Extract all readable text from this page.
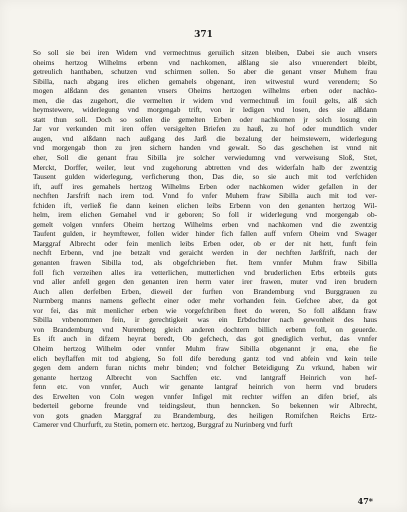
371
So soll sie bei iren Widem vnd vermechtnus geruilich sitzen bleiben, Dabei sie auch vnsers
oheims hertzog Wilhelms erbenn vnd nachkomen, alßlang sie also vnuerendert bleibt,
getreulich hanthaben, schutzen vnd schirmen sollen. So aber die genant vnser Muhem frau
Sibilla, nach abgang ires elichen gemahels obgenant, iren witwestul wurd verendern; So
mogen alßdann des genanten vnsers Oheims hertzogen wilhelms erben oder nachko-
men, die das zugehort, die vermelten ir widem vnd vermechtnuß im fouil gelts, alß sich
heymstewere, widerlegung vnd morgengab trift, von ir ledigen vnd losen, des sie alßdann
statt thun soll. Doch so sollen die gemelten Erben oder nachkomen jr solch losung ein
Jar vor verkunden mit iren offen versigelten Briefen zu hauß, zu hof oder mundtlich vnder
augen, vnd alßdann nach außgang des Jarß die bezalung der heimstewern, widerlegung
vnd morgengab thon zu jren sichern handen vnd gewalt. So das geschehen ist vnnd nit
eher, Soll die genant frau Sibilla jre solcher verwiedumng vnd verweisung Sloß, Stet,
Merckt, Dorffer, weiler, leut vnd zugehorung abtretten vnd des widerfaln halb der zwentzig
Tausent gulden widerlegung, verficherung thon, Das die, so sie auch mit tod verfchiden
ift, auff ires gemahels hertzog Wilhelms Erben oder nachkomen wider gefallen in der
nechften Jarsfrift nach irem tod. Vnnd fo vnfer Muhem fraw Sibilla auch mit tod ver-
fchiden ift, verließ fie dann keinen elichen leibs Erbenn von den genanten hertzog Wil-
helm, irem elichen Gemahel vnd ir geboren; So foll ir widerlegung vnd morgengab ob-
gemelt volgen vnnfers Oheim hertzog Wilhelms erben vnd nachkomen vnd die zwentzig
Taufent gulden, ir heymftewer, follen wider hinder fich fallen auff vnfern Oheim vnd Swager
Marggraf Albrecht oder fein menlich leibs Erben oder, ob er der nit hett, funft fein
nechft Erbenn, vnd jne betzalt vnd geraicht werden in der nechften Jarßfrift, nach der
genanten frawen Sibilla tod, als obgefchrieben ftet. Item vnnfer Muhm fraw Sibilla
foll fich verzeihen alles ira vetterlichen, mutterlichen vnd bruderlichen Erbs erbteils guts
vnd aller anfell gegen den genanten iren herrn vater irer frawen, muter vnd iren brudern
Auch allen derfelben Erben, dieweil der furften von Brandemburg vnd Burggrauen zu
Nurmberg manns namens geflecht einer oder mehr vorhanden fein. Gefchee aber, da got
vor fei, das mit menlicher erben wie vorgefchriben fteet do weren, So foll alßdann fraw
Sibilla vnbenommen fein, ir gerechtigkeit was ein Erbdochter nach gewonheit des haus
von Brandemburg vnd Nuremberg gleich anderen dochtern billich erbenn foll, on geuerde.
Es ift auch in difzem heyrat beredt, Ob gefchech, das got gnediglich verhut, das vnnfer
Oheim hertzog Wilhelm oder vnnfer Muhm fraw Sibilla obgenannt jr ena, ehe fie
elich beyflaffen mit tod abgieng, So foll dife beredung gantz tod vnd abfein vnd kein teile
gegen dem andern furan nichts mehr binden; vnd folcher Beteidigung Zu vrkund, haben wir
genante hertzog Albrecht von Sachffen etc. vnd lantgraff Heinrich von hef-
fenn etc. von vnnfer, Auch wir genante lantgraf heinrich von herrn vnd bruders
des Erwelten von Coln wegen vnnfer Infigel mit rechter wiffen an difen brief, als
bederteil geborne freunde vnd teidingsleut, thun henncken. So bekennen wir Albrecht,
von gots gnaden Marggraf zu Brandemburg, des heiligen Romifchen Reichs Ertz-
Camerer vnd Churfurft, zu Stetin, pomern etc. hertzog, Burggraf zu Nurinberg vnd furft
47*
